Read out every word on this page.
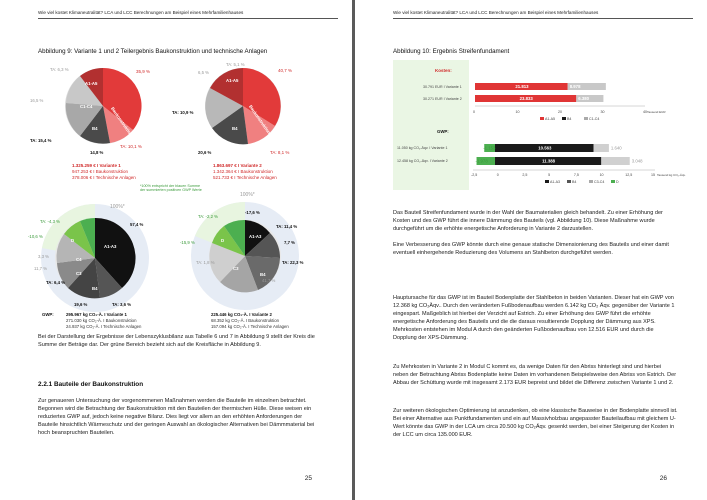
Wie viel kostet Klimaneutralität? LCA und LCC Berechnungen am Beispiel eines Mehrfamilienhauses
Abbildung 9: Variante 1 und 2 Teilergebnis Baukonstruktion und technische Anlagen
A1-A5
C1-C4
B4	Baukonstruktion
TA: 6,3 %	35,9 %
16,5 %
TA: 15,4 %
14,8 %
TA: 10,1 %
1.325.259 € I Variante 1
947.253 € I Baukonstruktion
378.006 € I Technische Anlagen
A1-A5
B4 Baukonstruktion
TA: 5,1 %
6,5 %	40,7 %
TA: 10,9 %
20,6 %	TA: 8,1 %
1.863.697 € I Variante 2
1.342.364 € I Baukonstruktion
521.733 € I Technische Anlagen
*100% entspricht der blauen Summe der summierten positiven GWP Werte
A1-A3
C4
C3
B4
D
100%*
TA: -4,3 %
57,4 %
-10,6 %
3,3 %
11,7 %
TA: 6,4 %
19,6 %	TA: 3,6 %
A1-A3
C3
B4
D
100%*
TA: -2,2 %
-17,6 %
TA: 11,4 %
7,7 %
-15,9 %
TA: 1,8 %	TA: 22,3 %
41,7 %
GWP:	295.967 kg CO₂-Ä. I Variante 1
271.030 kg CO₂-Ä. I Baukonstruktion
24.937 kg CO₂-Ä. I Technische Anlagen
225.446 kg CO₂-Ä. I Variante 2
68.352 kg CO₂-Ä. I Baukonstruktion
157.094 kg CO₂-Ä. I Technische Anlagen
Bei der Darstellung der Ergebnisse der Lebenszyklusbilanz aus Tabelle 6 und 7 in Abbildung 9 stellt der Kreis die Summe der Beträge dar. Der grüne Bereich bezieht sich auf die Kreisfläche in Abbildung 9.
2.2.1 Bauteile der Baukonstruktion
Zur genaueren Untersuchung der vorgenommenen Maßnahmen werden die Bauteile im einzelnen betrachtet. Begonnen wird die Betrachtung der Baukonstruktion mit den Bauteilen der thermischen Hülle. Diese weisen ein reduziertes GWP auf, jedoch keine negative Bilanz. Dies liegt vor allem an den erhöhten Anforderungen der Bauteile hinsichtlich Wärmeschutz und der geringen Auswahl an ökologischer Alternativen bei Dämmmaterial bei hoch beanspruchten Bauteilen.
25
Wie viel kostet Klimaneutralität? LCA und LCC Berechnungen am Beispiel eines Mehrfamilienhauses
Abbildung 10: Ergebnis Streifenfundament
Kosten:
30.791 EUR I Variante 1
30.271 EUR I Variante 2
21.813	8.978
23.833	6.380
0	10	20	30	40 Tausend EUR
A1-A5	B4	C1-C4
GWP:
11.050 kg CO₂-Äqv. I Variante 1
12.458 kg CO₂-Äqv. I Variante 2
-1.153	10.563	1.640
-1.978	11.388	3.048
-2,5	0	2,5	5	7,5	10	12,5	15 Tausend kg CO₂-Äqv.
A1-A3	B4	C3-C4	D

Das Bauteil Streifenfundament wurde in der Wahl der Baumaterialien gleich behandelt. Zu einer Erhöhung der Kosten und des GWP führt die innere Dämmung des Bauteils (vgl. Abbildung 10). Diese Maßnahme wurde durchgeführt um die erhöhte energetische Anforderung in Variante 2 darzustellen.

Eine Verbesserung des GWP könnte durch eine genaue statische Dimensionierung des Bauteils und einer damit eventuell einhergehende Reduzierung des Volumens an Stahlbeton durchgeführt werden.

Hauptursache für das GWP ist im Bauteil Bodenplatte der Stahlbeton in beiden Varianten. Dieser hat ein GWP von 12.368 kg CO₂Äqv.. Durch den veränderten Fußbodenaufbau werden 6.142 kg CO₂ Äqv. gegenüber der Variante 1 eingespart. Maßgeblich ist hierbei der Verzicht auf Estrich. Zu einer Erhöhung des GWP führt die erhöhte energetische Anforderung des Bauteils und die die daraus resultierende Dopplung der Dämmung aus XPS. Mehrkosten entstehen im Modul A durch den geänderten Fußbodenaufbau von 12.516 EUR und durch die Dopplung der XPS-Dämmung.

Zu Mehrkosten in Variante 2 in Modul C kommt es, da wenige Daten für den Abriss hinterlegt sind und hierbei neben der Betrachtung Abriss Bodenplatte keine Daten im vorhandenen Beispielsweise den Abriss von Estrich. Der Abbau der Schüttung wurde mit insgesamt 2.173 EUR bepreist und bildet die Differenz zwischen Variante 1 und 2.

Zur weiteren ökologischen Optimierung ist anzudenken, ob eine klassische Bauweise in der Bodenplatte sinnvoll ist. Bei einer Alternative aus Punktfundamenten und ein auf Massivholzbau angepasster Bauteilaufbau mit gleichem U-Wert könnte das GWP in der LCA um circa 20.500 kg CO₂Äqv. gesenkt werden, bei einer Steigerung der Kosten in der LCC um circa 135.000 EUR.

26
